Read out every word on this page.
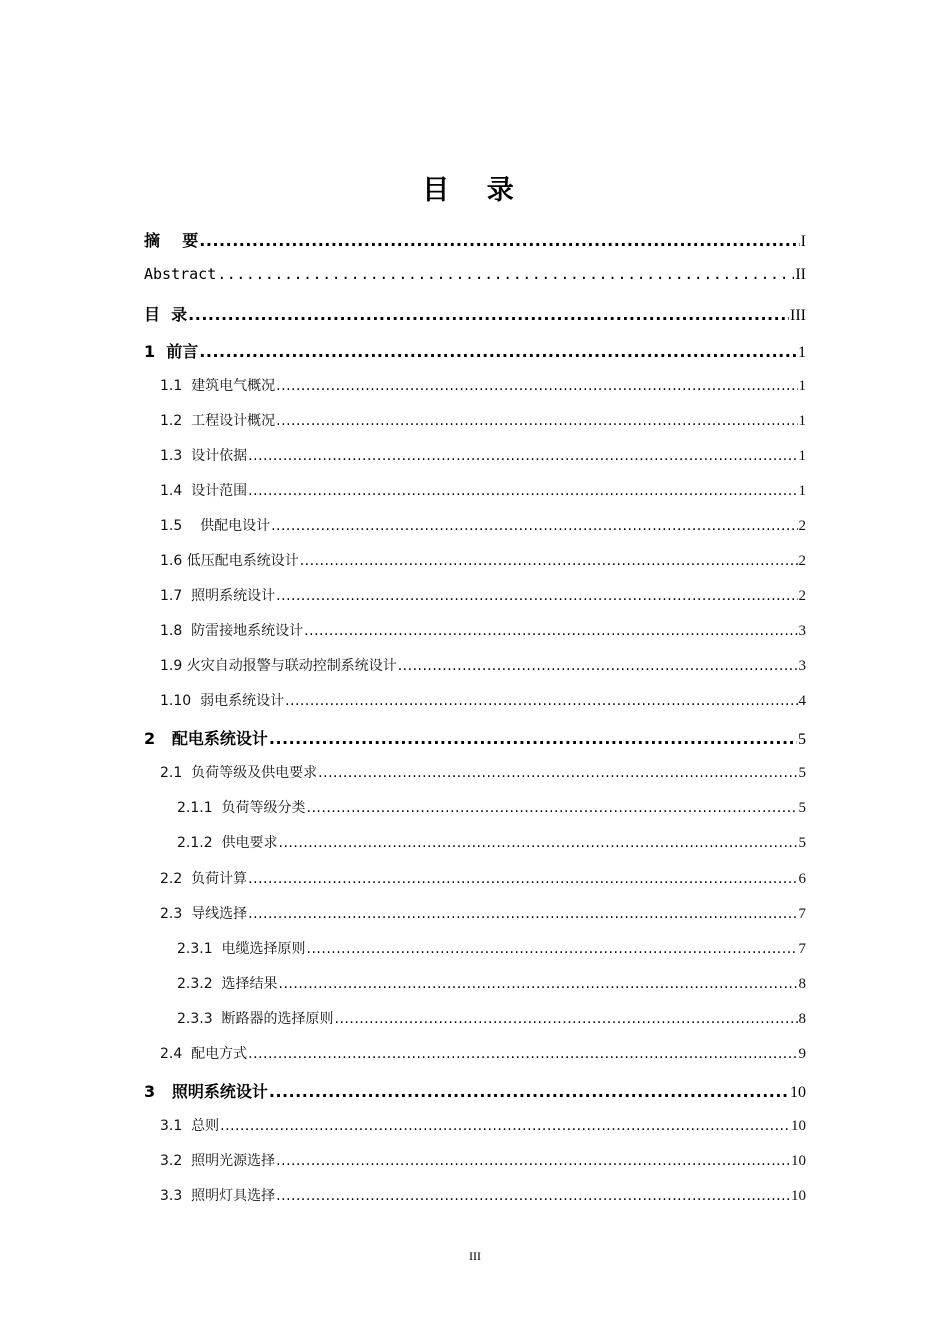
目 录
摘    要 .....	I
Abstract .....	II
目  录 .....	III
1  前言 .....	1
1.1  建筑电气概况 .....	1
1.2  工程设计概况 .....	1
1.3  设计依据 .....	1
1.4  设计范围 .....	1
1.5    供配电设计 .....	2
1.6 低压配电系统设计 .....	2
1.7  照明系统设计 .....	2
1.8  防雷接地系统设计 .....	3
1.9 火灾自动报警与联动控制系统设计 .....	3
1.10  弱电系统设计 .....	4
2   配电系统设计 .....	5
2.1  负荷等级及供电要求 .....	5
2.1.1  负荷等级分类 .....	5
2.1.2  供电要求 .....	5
2.2  负荷计算 .....	6
2.3  导线选择 .....	7
2.3.1  电缆选择原则 .....	7
2.3.2  选择结果 .....	8
2.3.3  断路器的选择原则 .....	8
2.4  配电方式 .....	9
3   照明系统设计 .....	10
3.1  总则 .....	10
3.2  照明光源选择 .....	10
3.3  照明灯具选择 .....	10
III
